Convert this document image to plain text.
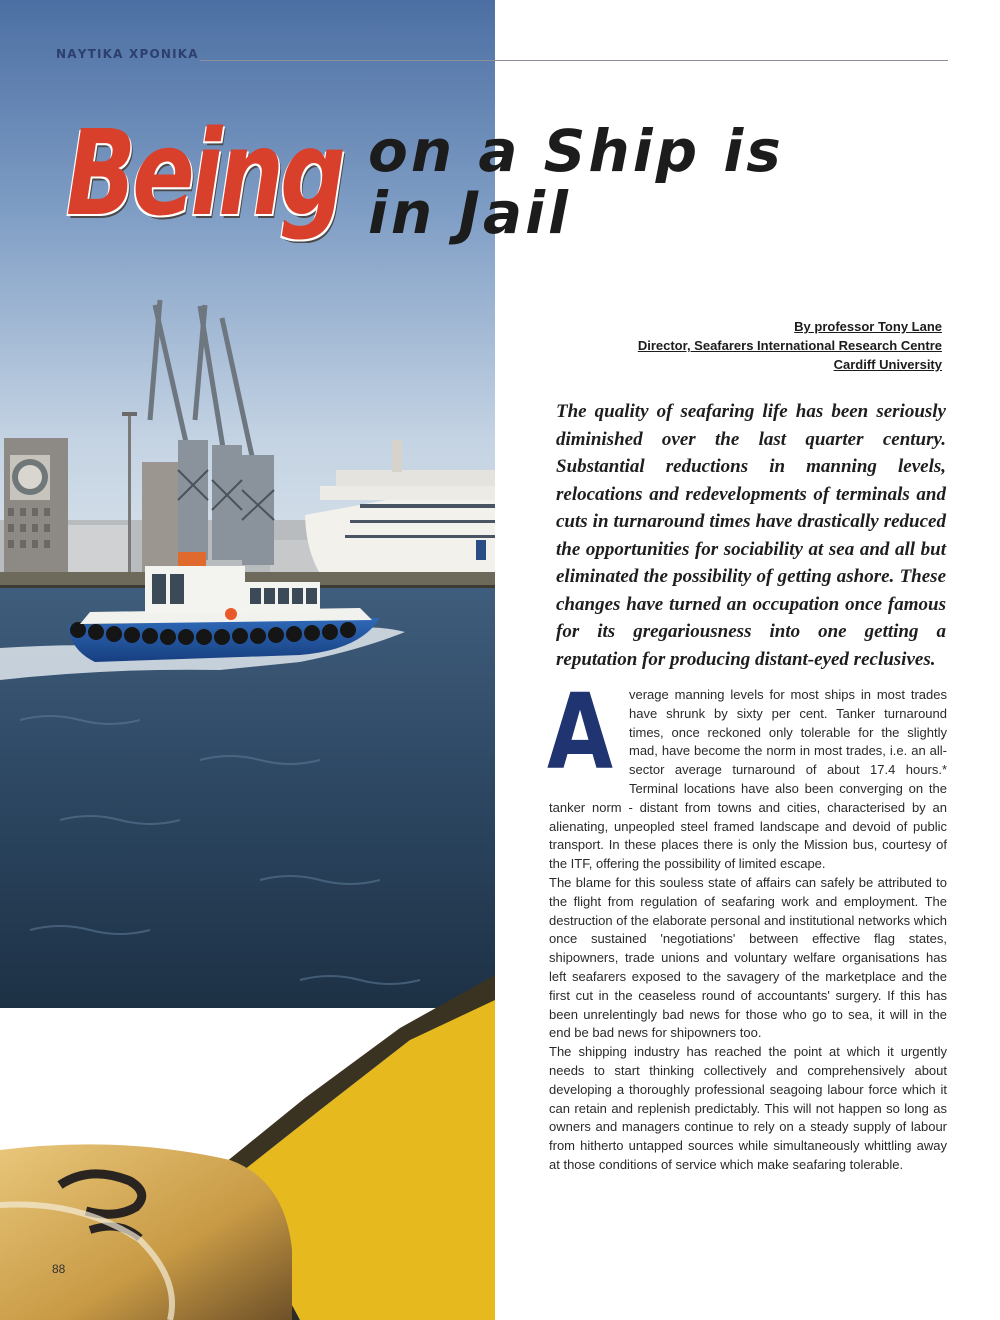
ΝΑΥΤΙΚΑ ΧΡΟΝΙΚΑ
Being on a Ship is
in Jail
By professor Tony Lane
Director, Seafarers International Research Centre
Cardiff University
The quality of seafaring life has been seriously diminished over the last quarter century. Substantial reductions in manning levels, relocations and redevelopments of terminals and cuts in turnaround times have drastically reduced the opportunities for sociability at sea and all but eliminated the possibility of getting ashore. These changes have turned an occupation once famous for its gregariousness into one getting a reputation for producing distant-eyed reclusives.
A	verage manning levels for most ships in most trades have shrunk by sixty per cent. Tanker turnaround times, once reckoned only tolerable for the slightly mad, have become the norm in most trades, i.e. an all-sector average turnaround of about 17.4 hours.* Terminal locations have also been converging on the tanker norm - distant from towns and cities, characterised by an alienating, unpeopled steel framed landscape and devoid of public transport. In these places there is only the Mission bus, courtesy of the ITF, offering the possibility of limited escape.

The blame for this souless state of affairs can safely be attributed to the flight from regulation of seafaring work and employment. The destruction of the elaborate personal and institutional networks which once sustained 'negotiations' between effective flag states, shipowners, trade unions and voluntary welfare organisations has left seafarers exposed to the savagery of the marketplace and the first cut in the ceaseless round of accountants' surgery. If this has been unrelentingly bad news for those who go to sea, it will in the end be bad news for shipowners too.

The shipping industry has reached the point at which it urgently needs to start thinking collectively and comprehensively about developing a thoroughly professional seagoing labour force which it can retain and replenish predictably. This will not happen so long as owners and managers continue to rely on a steady supply of labour from hitherto untapped sources while simultaneously whittling away at those conditions of service which make seafaring tolerable.

88
